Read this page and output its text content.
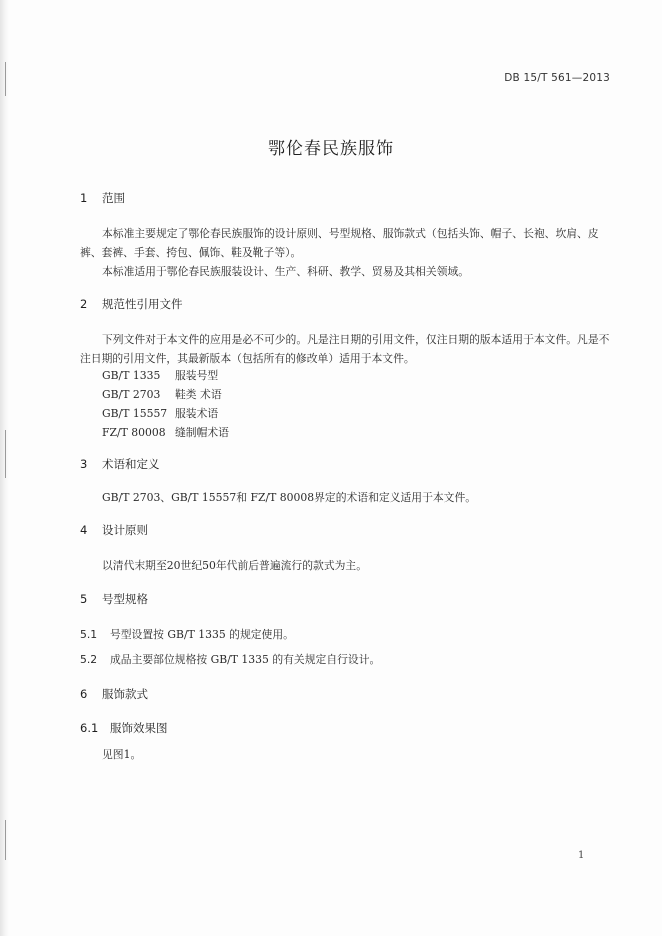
DB 15/T 561—2013
鄂伦春民族服饰
1 范围
本标准主要规定了鄂伦春民族服饰的设计原则、号型规格、服饰款式（包括头饰、帽子、长袍、坎肩、皮裤、套裤、手套、挎包、佩饰、鞋及靴子等）。
本标准适用于鄂伦春民族服装设计、生产、科研、教学、贸易及其相关领域。
2 规范性引用文件
下列文件对于本文件的应用是必不可少的。凡是注日期的引用文件，仅注日期的版本适用于本文件。凡是不注日期的引用文件，其最新版本（包括所有的修改单）适用于本文件。
GB/T 1335 服装号型
GB/T 2703 鞋类 术语
GB/T 15557 服装术语
FZ/T 80008 缝制帽术语
3 术语和定义
GB/T 2703、GB/T 15557和 FZ/T 80008界定的术语和定义适用于本文件。
4 设计原则
以清代末期至20世纪50年代前后普遍流行的款式为主。
5 号型规格
5.1 号型设置按 GB/T 1335 的规定使用。
5.2 成品主要部位规格按 GB/T 1335 的有关规定自行设计。
6 服饰款式
6.1 服饰效果图
见图1。
1
